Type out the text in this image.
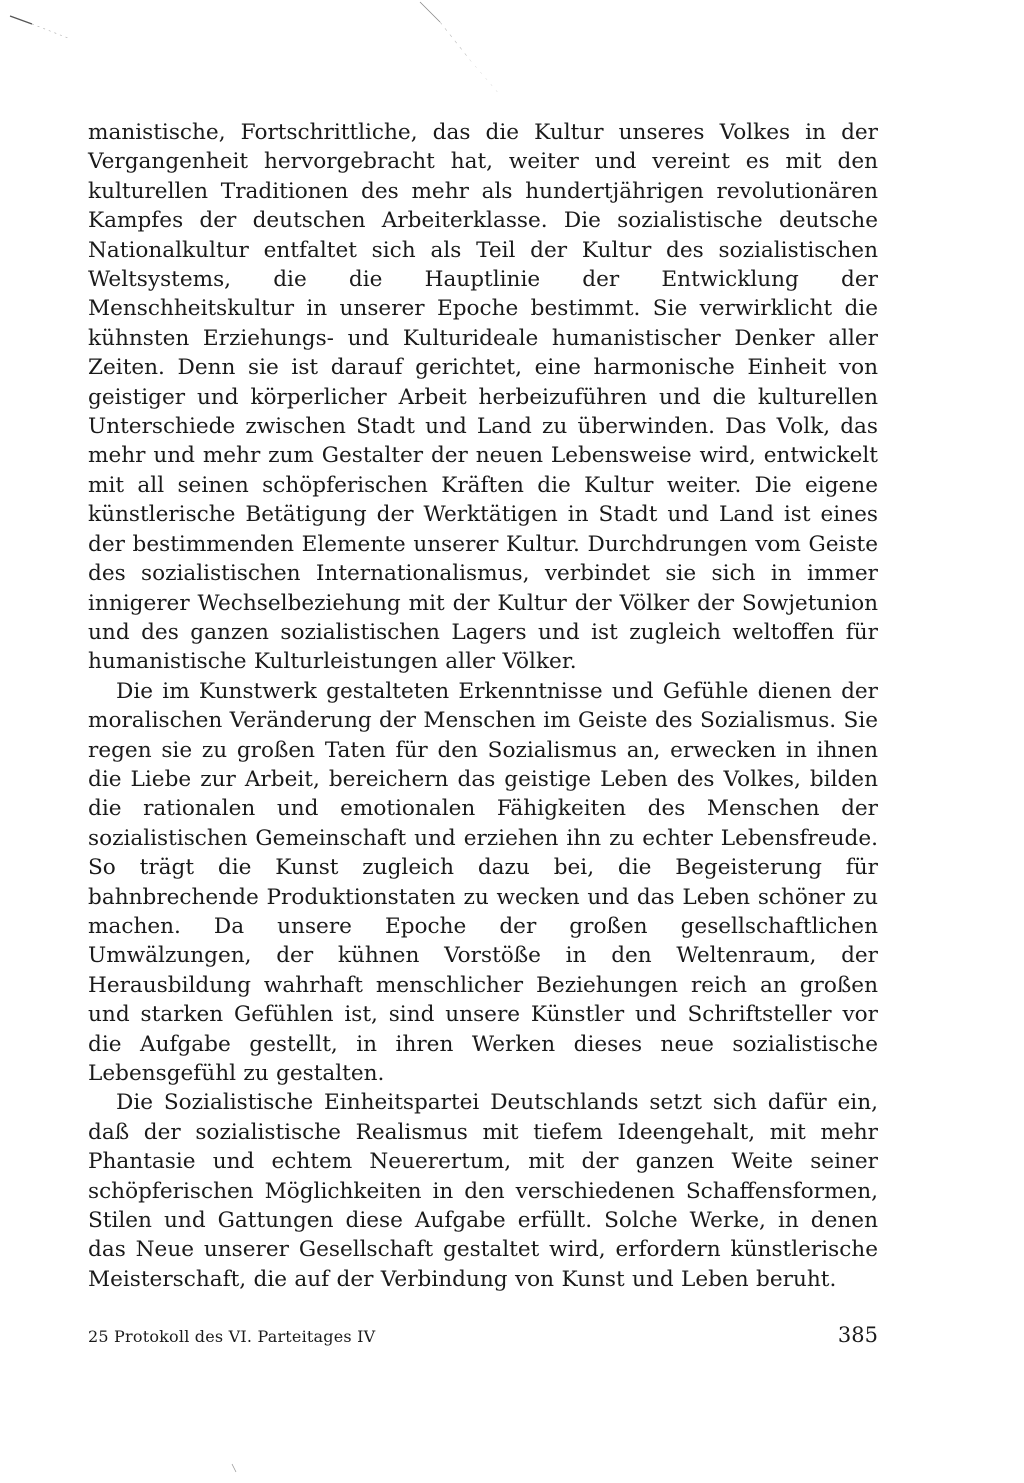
manistische, Fortschrittliche, das die Kultur unseres Volkes in der Vergangenheit hervorgebracht hat, weiter und vereint es mit den kulturellen Traditionen des mehr als hundertjährigen revolutionären Kampfes der deutschen Arbeiterklasse. Die sozialistische deutsche Nationalkultur entfaltet sich als Teil der Kultur des sozialistischen Weltsystems, die die Hauptlinie der Entwicklung der Menschheitskultur in unserer Epoche bestimmt. Sie verwirklicht die kühnsten Erziehungs- und Kulturideale humanistischer Denker aller Zeiten. Denn sie ist darauf gerichtet, eine harmonische Einheit von geistiger und körperlicher Arbeit herbeizuführen und die kulturellen Unterschiede zwischen Stadt und Land zu überwinden. Das Volk, das mehr und mehr zum Gestalter der neuen Lebensweise wird, entwickelt mit all seinen schöpferischen Kräften die Kultur weiter. Die eigene künstlerische Betätigung der Werktätigen in Stadt und Land ist eines der bestimmenden Elemente unserer Kultur. Durchdrungen vom Geiste des sozialistischen Internationalismus, verbindet sie sich in immer innigerer Wechselbeziehung mit der Kultur der Völker der Sowjetunion und des ganzen sozialistischen Lagers und ist zugleich weltoffen für humanistische Kulturleistungen aller Völker.

Die im Kunstwerk gestalteten Erkenntnisse und Gefühle dienen der moralischen Veränderung der Menschen im Geiste des Sozialismus. Sie regen sie zu großen Taten für den Sozialismus an, erwecken in ihnen die Liebe zur Arbeit, bereichern das geistige Leben des Volkes, bilden die rationalen und emotionalen Fähigkeiten des Menschen der sozialistischen Gemeinschaft und erziehen ihn zu echter Lebensfreude. So trägt die Kunst zugleich dazu bei, die Begeisterung für bahnbrechende Produktionstaten zu wecken und das Leben schöner zu machen. Da unsere Epoche der großen gesellschaftlichen Umwälzungen, der kühnen Vorstöße in den Weltenraum, der Herausbildung wahrhaft menschlicher Beziehungen reich an großen und starken Gefühlen ist, sind unsere Künstler und Schriftsteller vor die Aufgabe gestellt, in ihren Werken dieses neue sozialistische Lebensgefühl zu gestalten.

Die Sozialistische Einheitspartei Deutschlands setzt sich dafür ein, daß der sozialistische Realismus mit tiefem Ideengehalt, mit mehr Phantasie und echtem Neuerertum, mit der ganzen Weite seiner schöpferischen Möglichkeiten in den verschiedenen Schaffensformen, Stilen und Gattungen diese Aufgabe erfüllt. Solche Werke, in denen das Neue unserer Gesellschaft gestaltet wird, erfordern künstlerische Meisterschaft, die auf der Verbindung von Kunst und Leben beruht.

25 Protokoll des VI. Parteitages IV	385
